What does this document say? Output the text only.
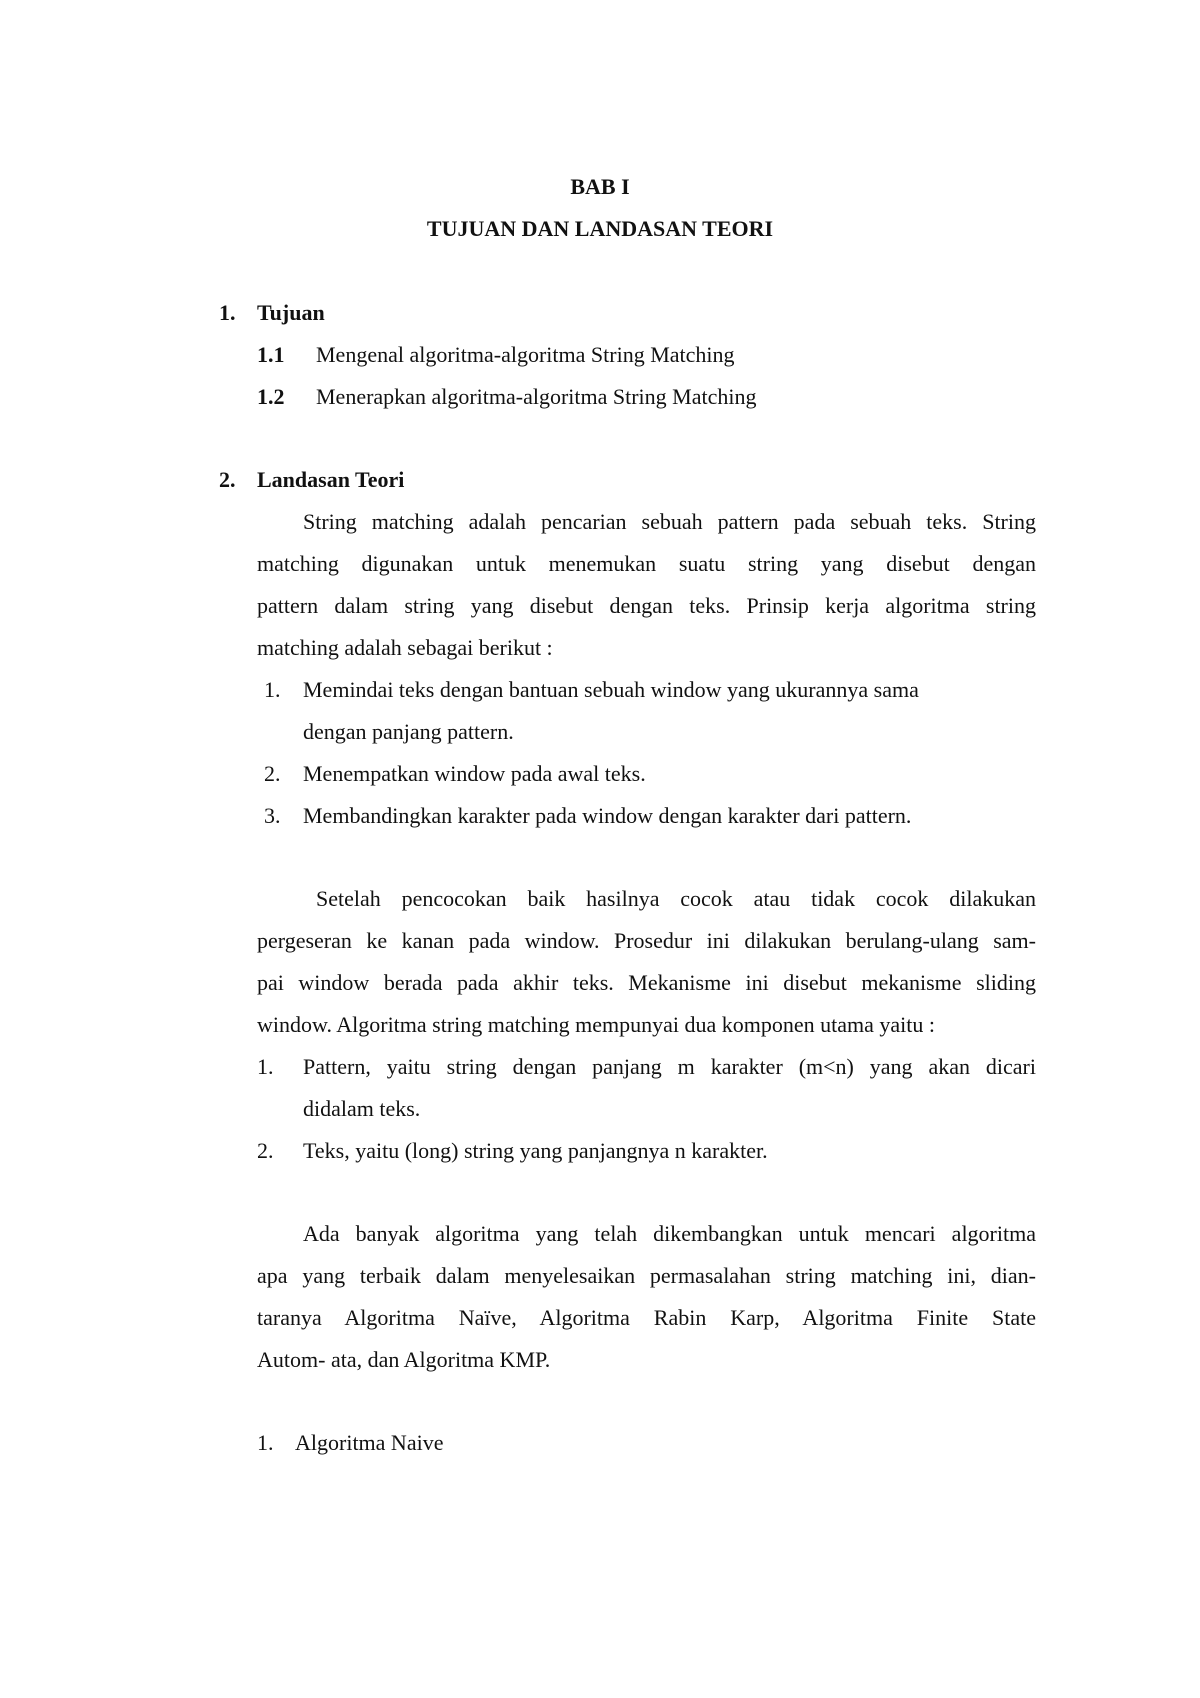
BAB I
TUJUAN DAN LANDASAN TEORI
1. Tujuan
1.1 Mengenal algoritma-algoritma String Matching
1.2 Menerapkan algoritma-algoritma String Matching
2. Landasan Teori
String matching adalah pencarian sebuah pattern pada sebuah teks. String
matching digunakan untuk menemukan suatu string yang disebut dengan
pattern dalam string yang disebut dengan teks. Prinsip kerja algoritma string
matching adalah sebagai berikut :
1. Memindai teks dengan bantuan sebuah window yang ukurannya sama
dengan panjang pattern.
2. Menempatkan window pada awal teks.
3. Membandingkan karakter pada window dengan karakter dari pattern.
Setelah pencocokan baik hasilnya cocok atau tidak cocok dilakukan
pergeseran ke kanan pada window. Prosedur ini dilakukan berulang-ulang sam-
pai window berada pada akhir teks. Mekanisme ini disebut mekanisme sliding
window. Algoritma string matching mempunyai dua komponen utama yaitu :
1. Pattern, yaitu string dengan panjang m karakter (m<n) yang akan dicari
didalam teks.
2. Teks, yaitu (long) string yang panjangnya n karakter.
Ada banyak algoritma yang telah dikembangkan untuk mencari algoritma
apa yang terbaik dalam menyelesaikan permasalahan string matching ini, dian-
taranya Algoritma Naïve, Algoritma Rabin Karp, Algoritma Finite State
Autom- ata, dan Algoritma KMP.
1. Algoritma Naive
